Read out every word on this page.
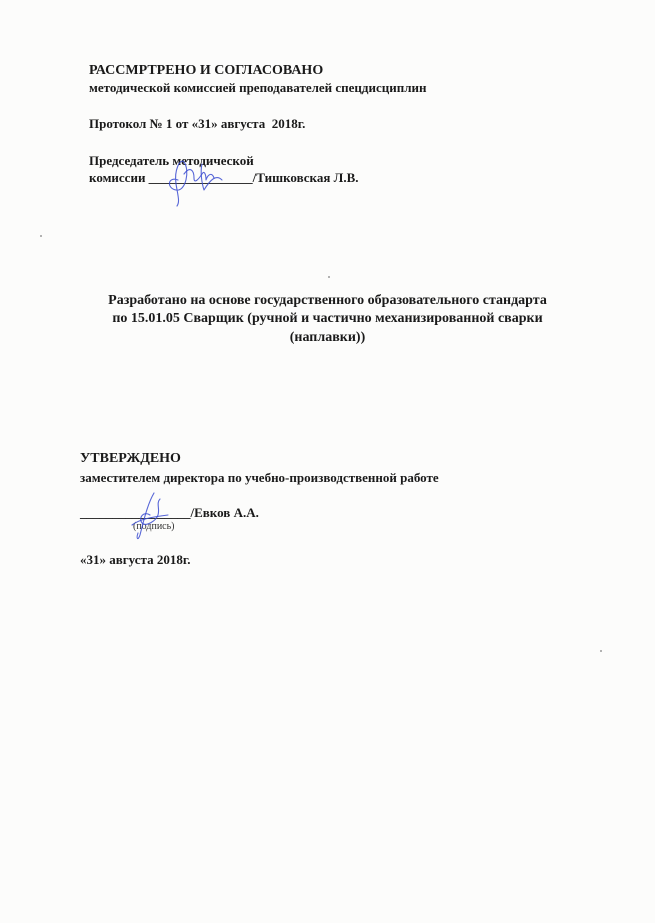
РАССМРТРЕНО И СОГЛАСОВАНО
методической комиссией преподавателей спецдисциплин
Протокол № 1 от «31» августа  2018г.
Председатель методической
комиссии ________________/Тишковская Л.В.
Разработано на основе государственного образовательного стандарта
по 15.01.05 Сварщик (ручной и частично механизированной сварки
(наплавки))
УТВЕРЖДЕНО
заместителем директора по учебно-производственной работе
_________________/Евков А.А.
(подпись)
«31» августа 2018г.
